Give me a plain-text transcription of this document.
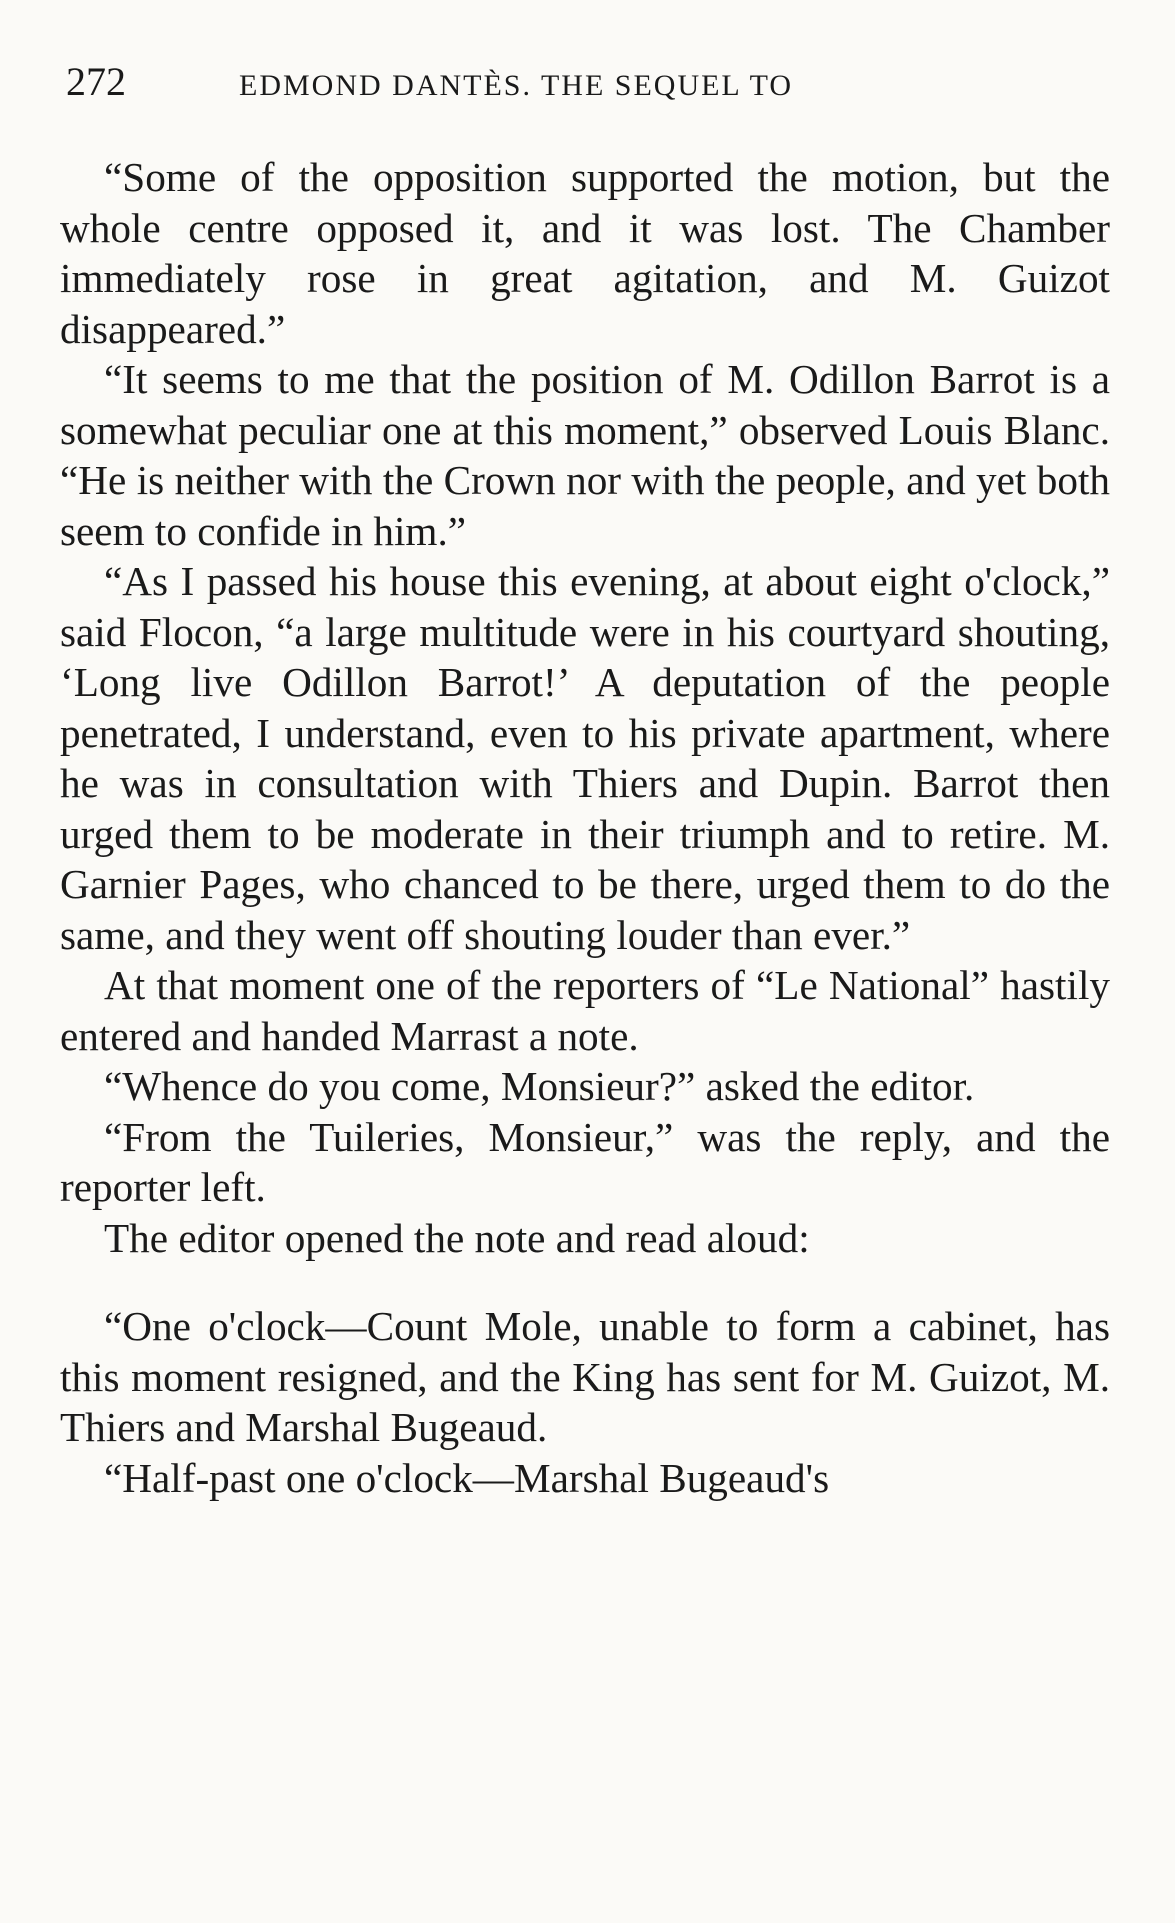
272	EDMOND DANTÈS. THE SEQUEL TO

“Some of the opposition supported the motion, but the whole centre opposed it, and it was lost. The Chamber immediately rose in great agitation, and M. Guizot disappeared.”

“It seems to me that the position of M. Odillon Barrot is a somewhat peculiar one at this moment,” observed Louis Blanc. “He is neither with the Crown nor with the people, and yet both seem to confide in him.”

“As I passed his house this evening, at about eight o'clock,” said Flocon, “a large multitude were in his courtyard shouting, ‘Long live Odillon Barrot!’ A deputation of the people penetrated, I understand, even to his private apartment, where he was in consultation with Thiers and Dupin. Barrot then urged them to be moderate in their triumph and to retire. M. Garnier Pages, who chanced to be there, urged them to do the same, and they went off shouting louder than ever.”

At that moment one of the reporters of “Le National” hastily entered and handed Marrast a note.

“Whence do you come, Monsieur?” asked the editor.

“From the Tuileries, Monsieur,” was the reply, and the reporter left.

The editor opened the note and read aloud:

“One o'clock—Count Mole, unable to form a cabinet, has this moment resigned, and the King has sent for M. Guizot, M. Thiers and Marshal Bugeaud.

“Half-past one o'clock—Marshal Bugeaud's
